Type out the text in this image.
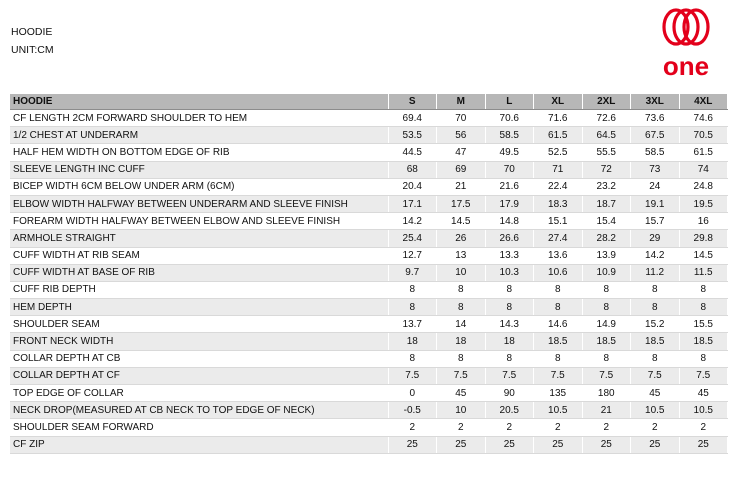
HOODIE
UNIT:CM
one
HOODIE	S	M	L	XL	2XL	3XL	4XL
CF LENGTH 2CM FORWARD SHOULDER TO HEM	69.4	70	70.6	71.6	72.6	73.6	74.6
1/2 CHEST AT UNDERARM	53.5	56	58.5	61.5	64.5	67.5	70.5
HALF HEM WIDTH ON BOTTOM EDGE OF RIB	44.5	47	49.5	52.5	55.5	58.5	61.5
SLEEVE LENGTH INC CUFF	68	69	70	71	72	73	74
BICEP WIDTH 6CM BELOW UNDER ARM (6CM)	20.4	21	21.6	22.4	23.2	24	24.8
ELBOW WIDTH HALFWAY BETWEEN UNDERARM AND SLEEVE FINISH	17.1	17.5	17.9	18.3	18.7	19.1	19.5
FOREARM WIDTH HALFWAY BETWEEN ELBOW AND SLEEVE FINISH	14.2	14.5	14.8	15.1	15.4	15.7	16
ARMHOLE STRAIGHT	25.4	26	26.6	27.4	28.2	29	29.8
CUFF WIDTH AT RIB SEAM	12.7	13	13.3	13.6	13.9	14.2	14.5
CUFF WIDTH AT BASE OF RIB	9.7	10	10.3	10.6	10.9	11.2	11.5
CUFF RIB DEPTH	8	8	8	8	8	8	8
HEM DEPTH	8	8	8	8	8	8	8
SHOULDER SEAM	13.7	14	14.3	14.6	14.9	15.2	15.5
FRONT NECK WIDTH	18	18	18	18.5	18.5	18.5	18.5
COLLAR DEPTH AT CB	8	8	8	8	8	8	8
COLLAR DEPTH AT CF	7.5	7.5	7.5	7.5	7.5	7.5	7.5
TOP EDGE OF COLLAR	0	45	90	135	180	45	45
NECK DROP(MEASURED AT CB NECK TO TOP EDGE OF NECK)	-0.5	10	20.5	10.5	21	10.5	10.5
SHOULDER SEAM FORWARD	2	2	2	2	2	2	2
CF ZIP	25	25	25	25	25	25	25
